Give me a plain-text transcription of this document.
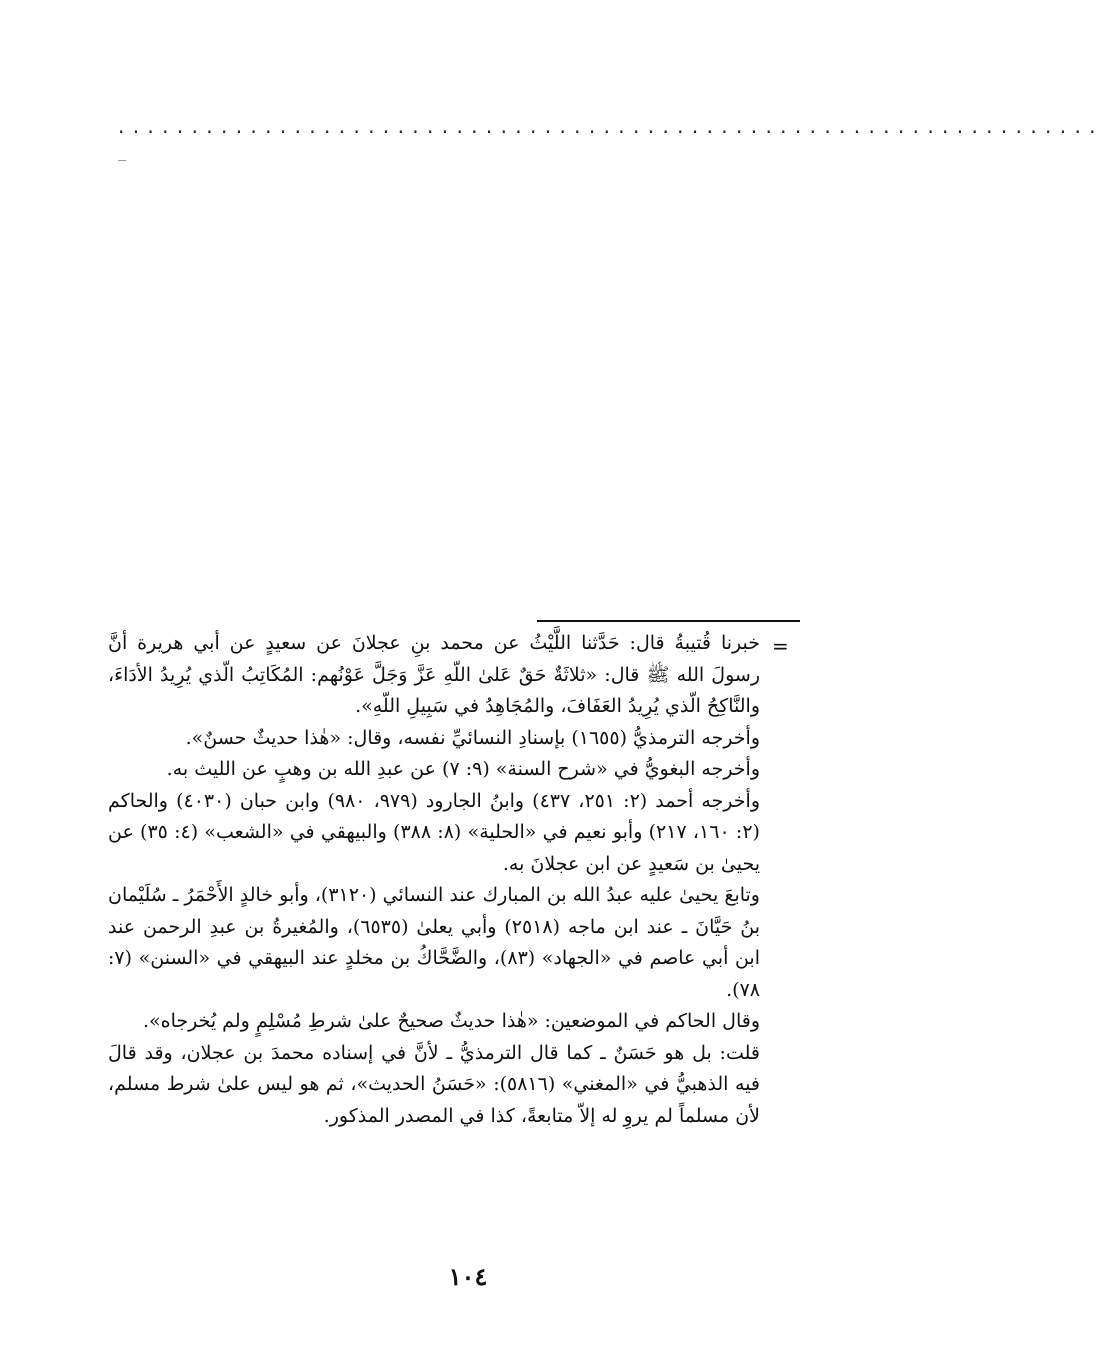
. . . . . . . . . . . . . . . . . . . . . . . . . . . . . . . . . . . . . . . . . . . . . . . . . . . . . . . . . . . . . . . . . . .
=

خبرنا قُتيبةُ قال: حَدَّثنا اللَّيْثُ عن محمد بنِ عجلانَ عن سعيدٍ عن أبي هريرة أنَّ رسولَ الله ﷺ قال: «ثلاثَةٌ حَقٌ عَلىٰ اللّهِ عَزَّ وَجَلَّ عَوْنُهم: المُكَاتِبُ الّذي يُرِيدُ الأدَاءَ، والنَّاكِحُ الّذي يُرِيدُ العَفَافَ، والمُجَاهِدُ في سَبِيلِ اللّهِ».

وأخرجه الترمذيُّ (١٦٥٥) بإسنادِ النسائيِّ نفسه، وقال: «هٰذا حديثٌ حسنٌ».

وأخرجه البغويُّ في «شرح السنة» (٩: ٧) عن عبدِ الله بن وهبٍ عن الليث به.

وأخرجه أحمد (٢: ٢٥١، ٤٣٧) وابنُ الجارود (٩٧٩، ٩٨٠) وابن حبان (٤٠٣٠) والحاكم (٢: ١٦٠، ٢١٧) وأبو نعيم في «الحلية» (٨: ٣٨٨) والبيهقي في «الشعب» (٤: ٣٥) عن يحيىٰ بن سَعيدٍ عن ابن عجلانَ به.

وتابعَ يحيىٰ عليه عبدُ الله بن المبارك عند النسائي (٣١٢٠)، وأبو خالدٍ الأَحْمَرُ ـ سُلَيْمان بنُ حَيَّانَ ـ عند ابن ماجه (٢٥١٨) وأبي يعلىٰ (٦٥٣٥)، والمُغيرةُ بن عبدِ الرحمن عند ابن أبي عاصم في «الجهاد» (٨٣)، والضَّحَّاكُ بن مخلدٍ عند البيهقي في «السنن» (٧: ٧٨).

وقال الحاكم في الموضعين: «هٰذا حديثٌ صحيحٌ علىٰ شرطِ مُسْلِمٍ ولم يُخرجاه».

قلت: بل هو حَسَنٌ ـ كما قال الترمذيُّ ـ لأنَّ في إسناده محمدَ بن عجلان، وقد قالَ فيه الذهبيُّ في «المغني» (٥٨١٦): «حَسَنُ الحديث»، ثم هو ليس علىٰ شرط مسلم، لأن مسلماً لم يروِ له إلاّ متابعةً، كذا في المصدر المذكور.

١٠٤
